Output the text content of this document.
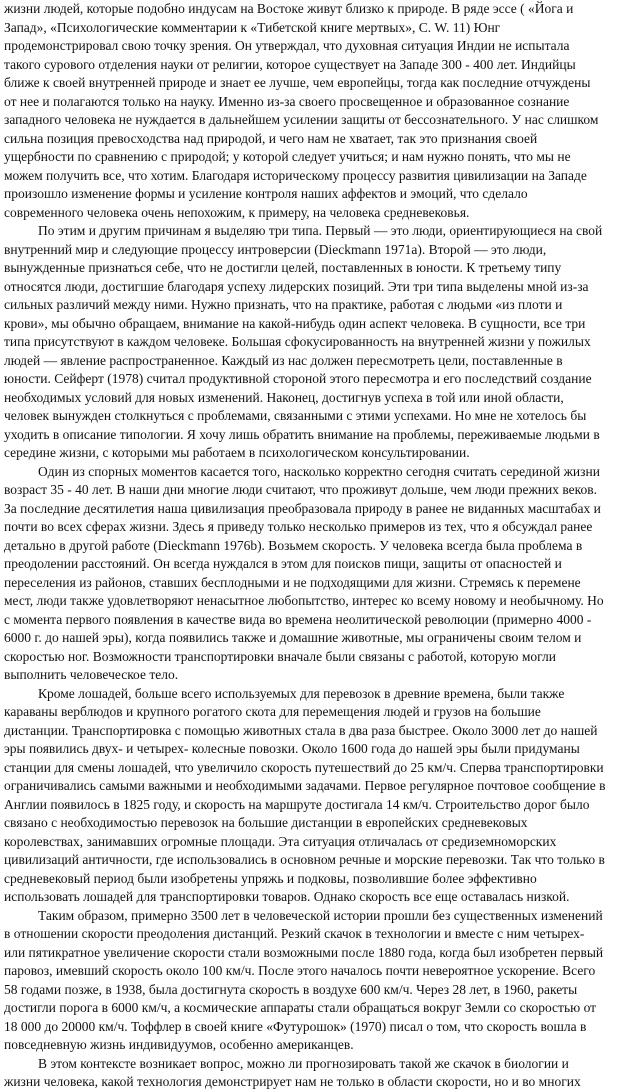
жизни людей, которые подобно индусам на Востоке живут близко к природе. В ряде эссе ( «Йога и
Запад», «Психологические комментарии к «Тибетской книге мертвых», С. W. 11) Юнг
продемонстрировал свою точку зрения. Он утверждал, что духовная ситуация Индии не испытала
такого сурового отделения науки от религии, которое существует на Западе 300 - 400 лет. Индийцы
ближе к своей внутренней природе и знает ее лучше, чем европейцы, тогда как последние отчуждены
от нее и полагаются только на науку. Именно из-за своего просвещенное и образованное сознание
западного человека не нуждается в дальнейшем усилении защиты от бессознательного. У нас слишком
сильна позиция превосходства над природой, и чего нам не хватает, так это признания своей
ущербности по сравнению с природой; у которой следует учиться; и нам нужно понять, что мы не
можем получить все, что хотим. Благодаря историческому процессу развития цивилизации на Западе
произошло изменение формы и усиление контроля наших аффектов и эмоций, что сделало
современного человека очень непохожим, к примеру, на человека средневековья.

По этим и другим причинам я выделяю три типа. Первый — это люди, ориентирующиеся на свой
внутренний мир и следующие процессу интроверсии (Dieckmann 1971a). Второй — это люди,
вынужденные признаться себе, что не достигли целей, поставленных в юности. К третьему типу
относятся люди, достигшие благодаря успеху лидерских позиций. Эти три типа выделены мной из-за
сильных различий между ними. Нужно признать, что на практике, работая с людьми «из плоти и
крови», мы обычно обращаем, внимание на какой-нибудь один аспект человека. В сущности, все три
типа присутствуют в каждом человеке. Большая сфокусированность на внутренней жизни у пожилых
людей — явление распространенное. Каждый из нас должен пересмотреть цели, поставленные в
юности. Сейферт (1978) считал продуктивной стороной этого пересмотра и его последствий создание
необходимых условий для новых изменений. Наконец, достигнув успеха в той или иной области,
человек вынужден столкнуться с проблемами, связанными с этими успехами. Но мне не хотелось бы
уходить в описание типологии. Я хочу лишь обратить внимание на проблемы, переживаемые людьми в
середине жизни, с которыми мы работаем в психологическом консультировании.

Один из спорных моментов касается того, насколько корректно сегодня считать серединой жизни
возраст 35 - 40 лет. В наши дни многие люди считают, что проживут дольше, чем люди прежних веков.
За последние десятилетия наша цивилизация преобразовала природу в ранее не виданных масштабах и
почти во всех сферах жизни. Здесь я приведу только несколько примеров из тех, что я обсуждал ранее
детально в другой работе (Dieckmann 1976b). Возьмем скорость. У человека всегда была проблема в
преодолении расстояний. Он всегда нуждался в этом для поисков пищи, защиты от опасностей и
переселения из районов, ставших бесплодными и не подходящими для жизни. Стремясь к перемене
мест, люди также удовлетворяют ненасытное любопытство, интерес ко всему новому и необычному. Но
с момента первого появления в качестве вида во времена неолитической революции (примерно 4000 -
6000 г. до нашей эры), когда появились также и домашние животные, мы ограничены своим телом и
скоростью ног. Возможности транспортировки вначале были связаны с работой, которую могли
выполнить человеческое тело.

Кроме лошадей, больше всего используемых для перевозок в древние времена, были также
караваны верблюдов и крупного рогатого скота для перемещения людей и грузов на большие
дистанции. Транспортировка с помощью животных стала в два раза быстрее. Около 3000 лет до нашей
эры появились двух- и четырех- колесные повозки. Около 1600 года до нашей эры были придуманы
станции для смены лошадей, что увеличило скорость путешествий до 25 км/ч. Сперва транспортировки
ограничивались самыми важными и необходимыми задачами. Первое регулярное почтовое сообщение в
Англии появилось в 1825 году, и скорость на маршруте достигала 14 км/ч. Строительство дорог было
связано с необходимостью перевозок на большие дистанции в европейских средневековых
королевствах, занимавших огромные площади. Эта ситуация отличалась от средиземноморских
цивилизаций античности, где использовались в основном речные и морские перевозки. Так что только в
средневековый период были изобретены упряжь и подковы, позволившие более эффективно
использовать лошадей для транспортировки товаров. Однако скорость все еще оставалась низкой.

Таким образом, примерно 3500 лет в человеческой истории прошли без существенных изменений
в отношении скорости преодоления дистанций. Резкий скачок в технологии и вместе с ним четырех-
или пятикратное увеличение скорости стали возможными после 1880 года, когда был изобретен первый
паровоз, имевший скорость около 100 км/ч. После этого началось почти невероятное ускорение. Всего
58 годами позже, в 1938, была достигнута скорость в воздухе 600 км/ч. Через 28 лет, в 1960, ракеты
достигли порога в 6000 км/ч, а космические аппараты стали обращаться вокруг Земли со скоростью от
18 000 до 20000 км/ч. Тоффлер в своей книге «Футурошок» (1970) писал о том, что скорость вошла в
повседневную жизнь индивидуумов, особенно американцев.

В этом контексте возникает вопрос, можно ли прогнозировать такой же скачок в биологии и
жизни человека, какой технология демонстрирует нам не только в области скорости, но и во многих
